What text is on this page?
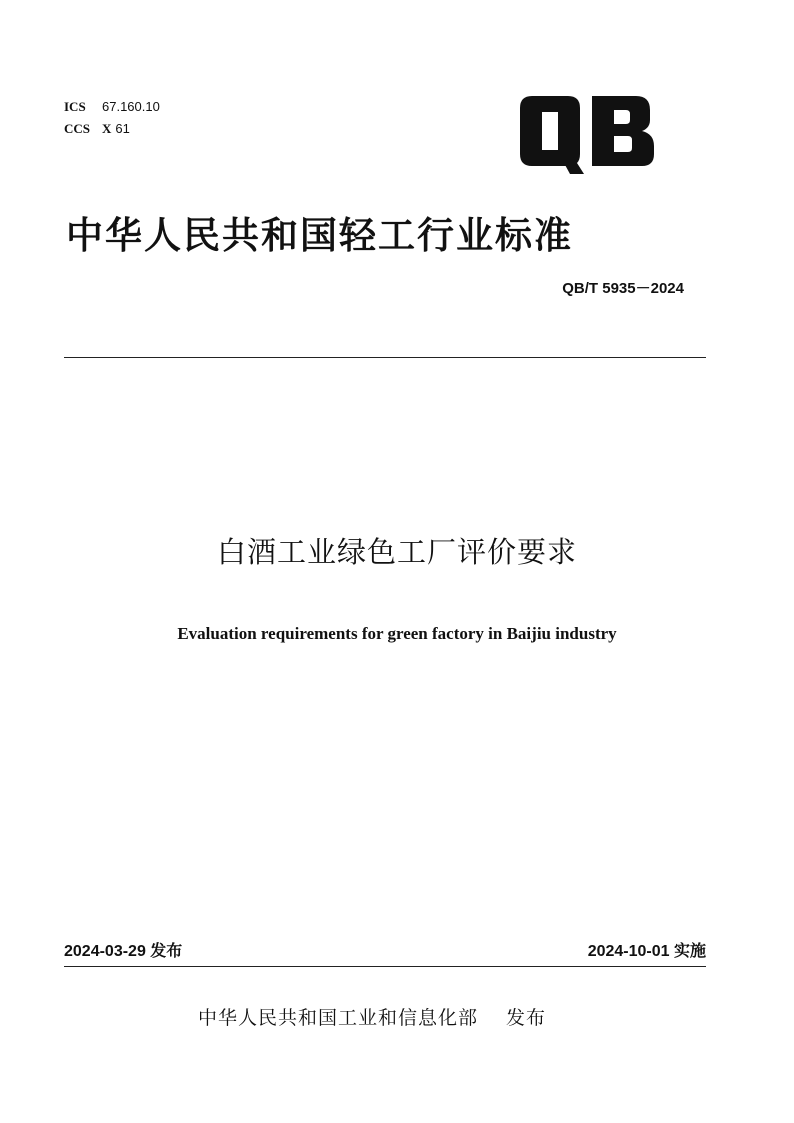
ICS	67.160.10
CCS X 61
中华人民共和国轻工行业标准
QB/T 5935－2024
白酒工业绿色工厂评价要求
Evaluation requirements for green factory in Baijiu industry
2024-03-29 发布	2024-10-01 实施
中华人民共和国工业和信息化部 发布
